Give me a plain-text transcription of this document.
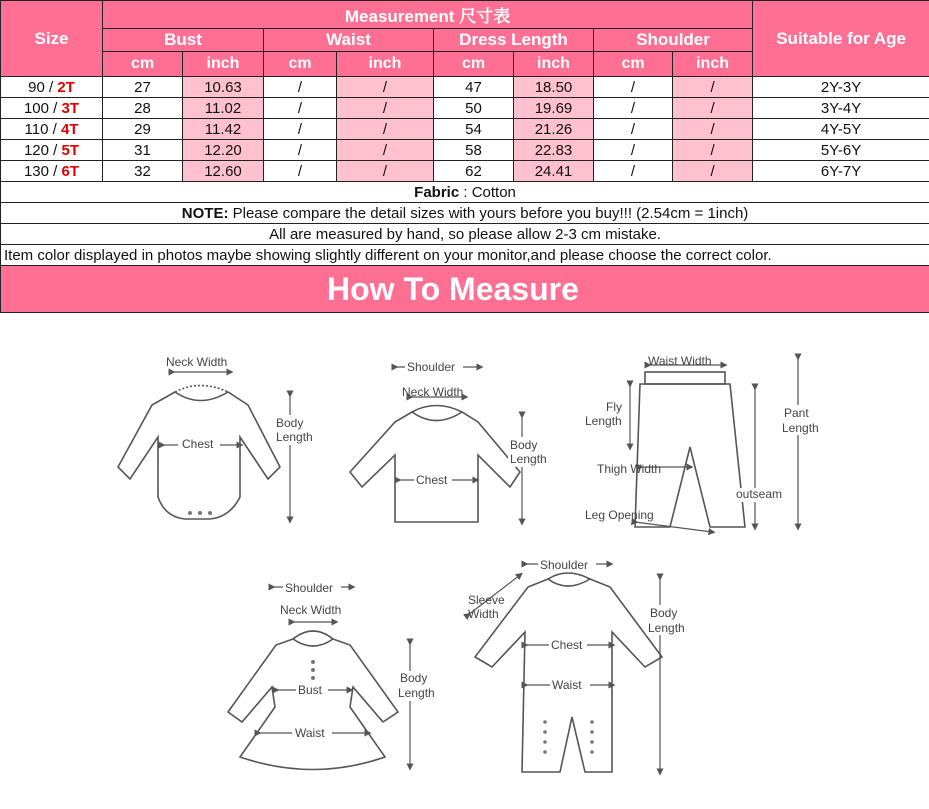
Size	Measurement 尺寸表								Suitable for Age
	Bust		Waist		Dress Length		Shoulder		
	cm	inch	cm	inch	cm	inch	cm	inch	
90 / 2T	27	10.63	/	/	47	18.50	/	/	2Y-3Y
100 / 3T	28	11.02	/	/	50	19.69	/	/	3Y-4Y
110 / 4T	29	11.42	/	/	54	21.26	/	/	4Y-5Y
120 / 5T	31	12.20	/	/	58	22.83	/	/	5Y-6Y
130 / 6T	32	12.60	/	/	62	24.41	/	/	6Y-7Y
Fabric : Cotton									
NOTE: Please compare the detail sizes with yours before you buy!!! (2.54cm = 1inch)									
All are measured by hand, so please allow 2-3 cm mistake.									
Item color displayed in photos maybe showing slightly different on your monitor,and please choose the correct color.									
How To Measure									
Neck Width
Chest
Body
Length
Shoulder
Neck Width
Chest
Body
Length
Waist Width
Fly
Length
Thigh Width
Leg Opening
outseam
Pant
Length
Shoulder
Neck Width
Bust
Waist
Body
Length
Shoulder
Sleeve
Width
Chest
Waist
Body
Length
